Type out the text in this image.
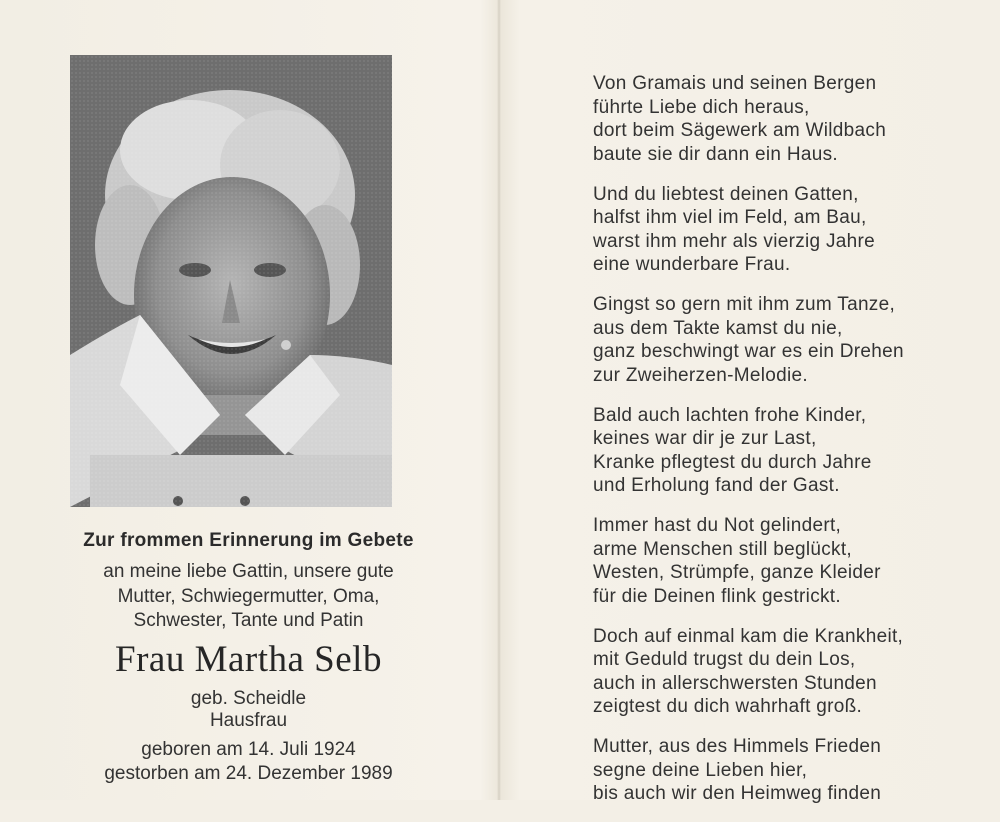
Zur frommen Erinnerung im Gebete
an meine liebe Gattin, unsere gute
Mutter, Schwiegermutter, Oma,
Schwester, Tante und Patin
Frau Martha Selb
geb. Scheidle
Hausfrau
geboren am 14. Juli 1924
gestorben am 24. Dezember 1989
Von Gramais und seinen Bergen
führte Liebe dich heraus,
dort beim Sägewerk am Wildbach
baute sie dir dann ein Haus.
Und du liebtest deinen Gatten,
halfst ihm viel im Feld, am Bau,
warst ihm mehr als vierzig Jahre
eine wunderbare Frau.
Gingst so gern mit ihm zum Tanze,
aus dem Takte kamst du nie,
ganz beschwingt war es ein Drehen
zur Zweiherzen-Melodie.
Bald auch lachten frohe Kinder,
keines war dir je zur Last,
Kranke pflegtest du durch Jahre
und Erholung fand der Gast.
Immer hast du Not gelindert,
arme Menschen still beglückt,
Westen, Strümpfe, ganze Kleider
für die Deinen flink gestrickt.
Doch auf einmal kam die Krankheit,
mit Geduld trugst du dein Los,
auch in allerschwersten Stunden
zeigtest du dich wahrhaft groß.
Mutter, aus des Himmels Frieden
segne deine Lieben hier,
bis auch wir den Heimweg finden
